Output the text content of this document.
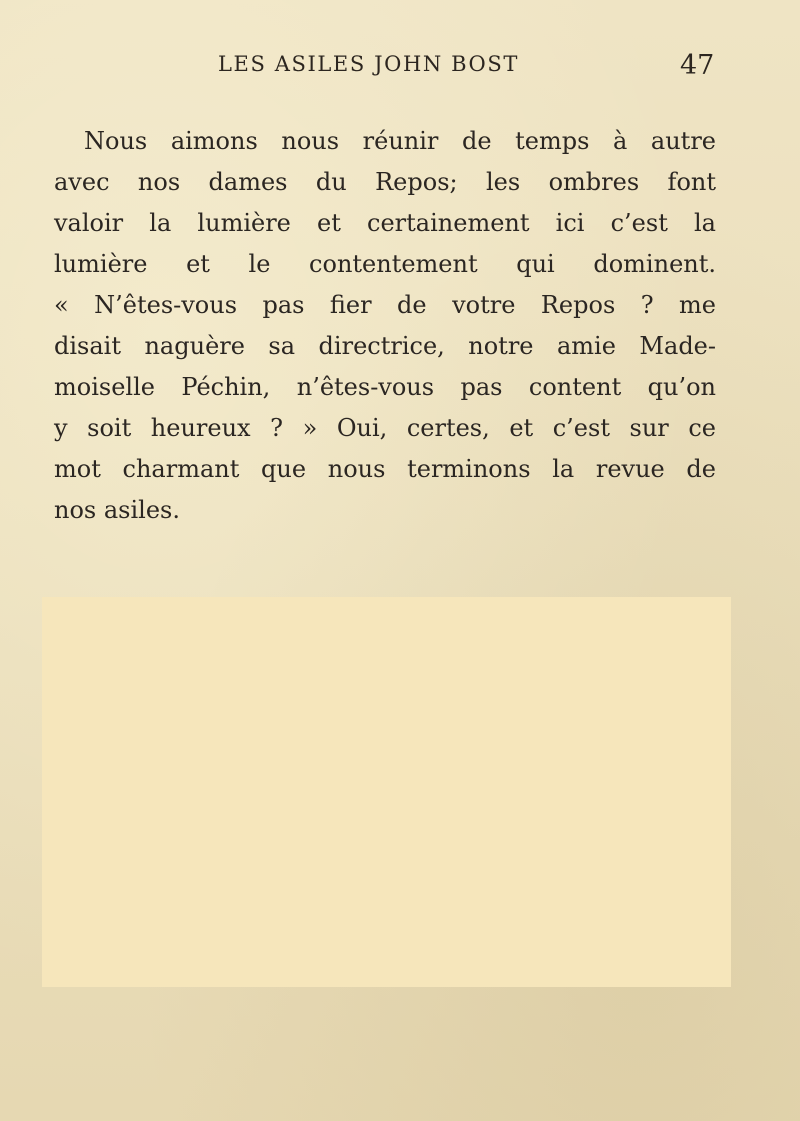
LES ASILES JOHN BOST	47
Nous aimons nous réunir de temps à autre
avec nos dames du Repos; les ombres font
valoir la lumière et certainement ici c’est la
lumière et le contentement qui dominent.
« N’êtes-vous pas fier de votre Repos ? me
disait naguère sa directrice, notre amie Made-
moiselle Péchin, n’êtes-vous pas content qu’on
y soit heureux ? » Oui, certes, et c’est sur ce
mot charmant que nous terminons la revue de
nos asiles.
